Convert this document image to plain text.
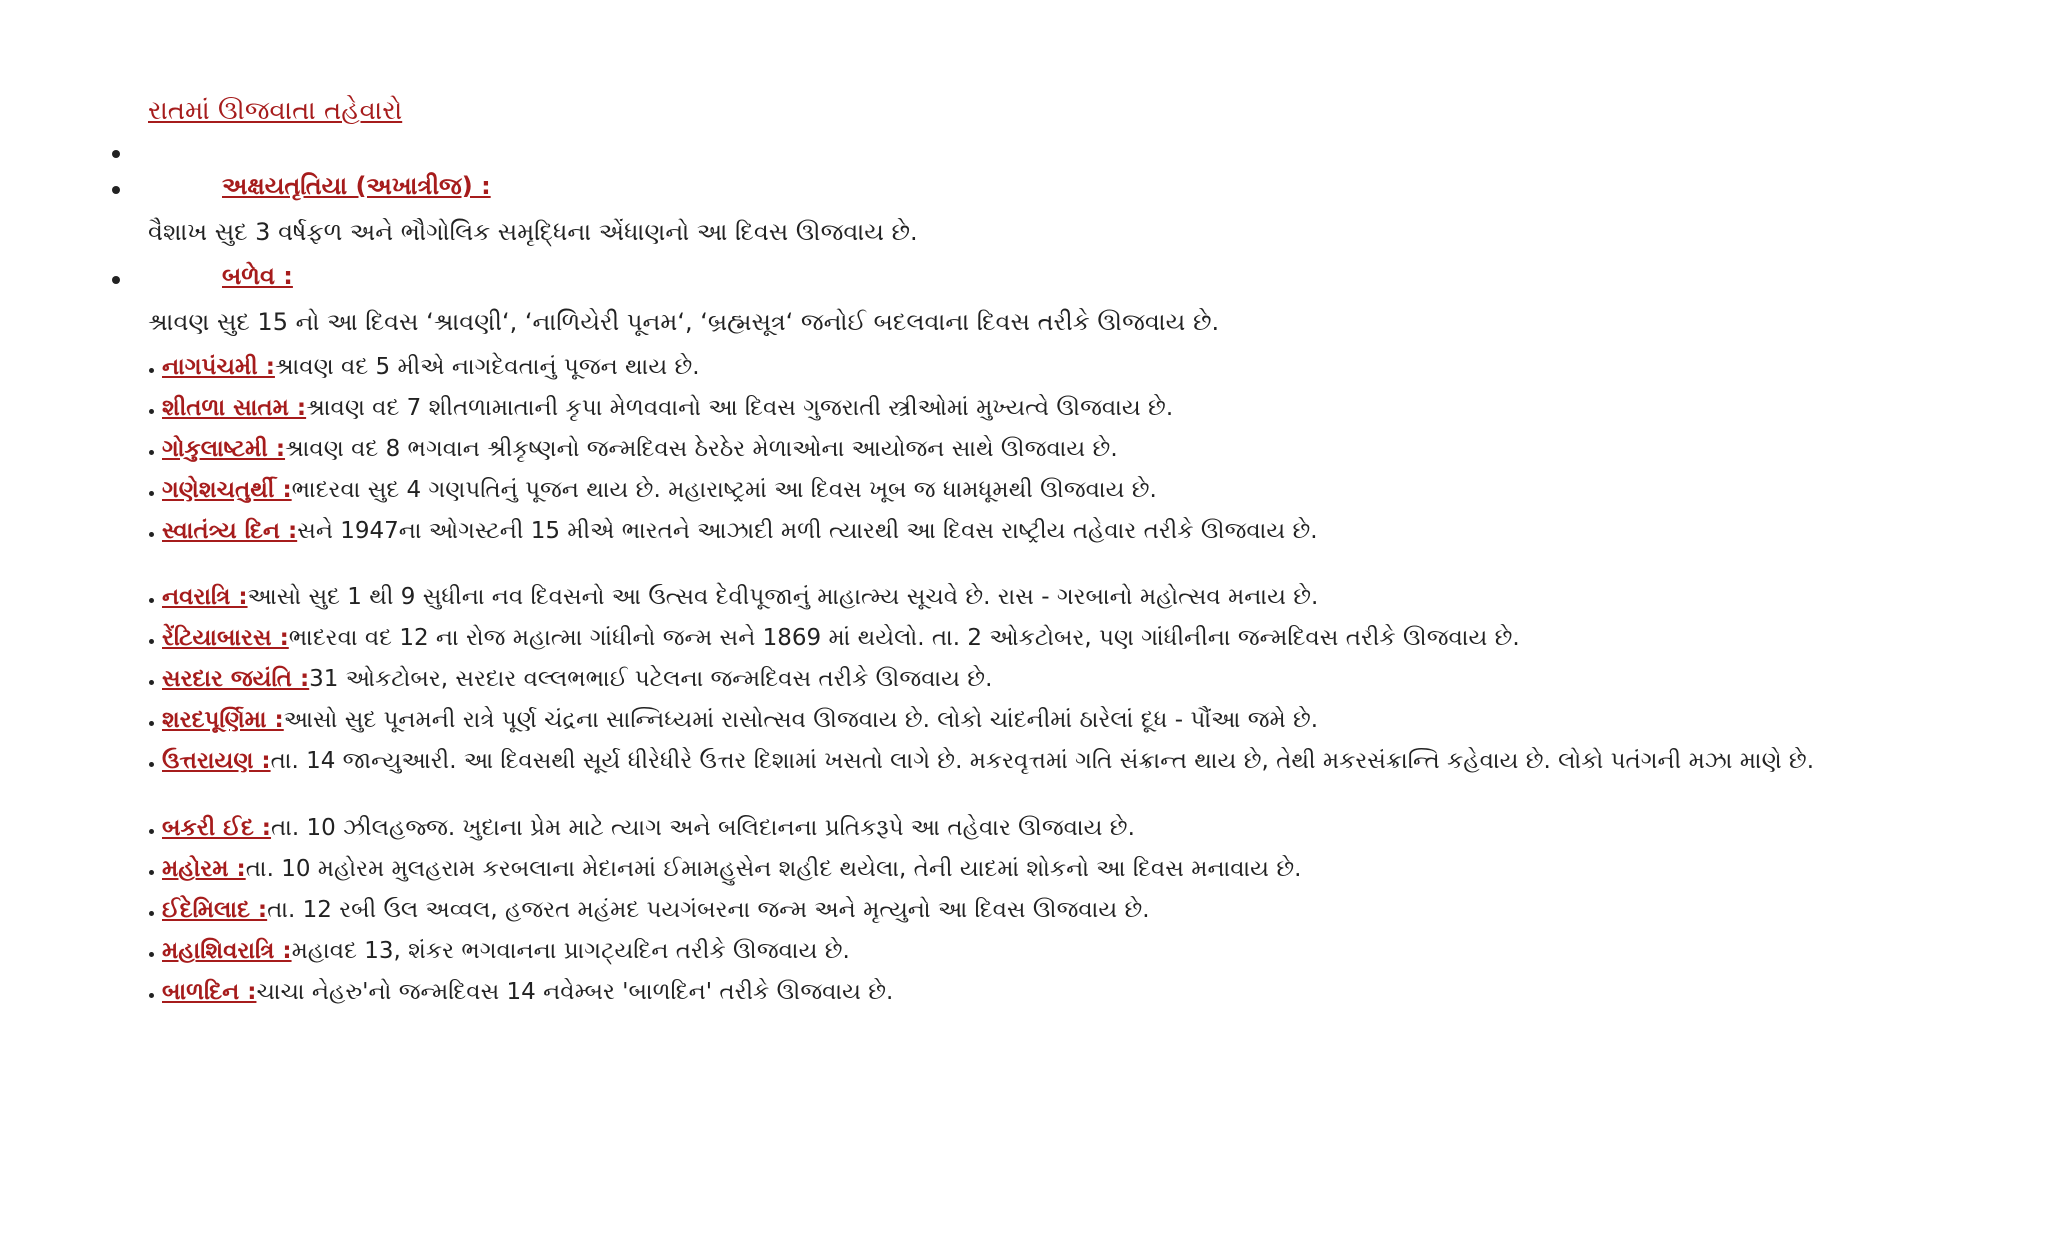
રાતમાં ઊજવાતા તહેવારો
અક્ષયતૃતિયા (અખાત્રીજ) :
વૈશાખ સુદ 3 વર્ષફળ અને ભૌગોલિક સમૃદ્ધિના એંધાણનો આ દિવસ ઊજવાય છે.
બળેવ :
શ્રાવણ સુદ 15 નો આ દિવસ ‘શ્રાવણી‘, ‘નાળિયેરી પૂનમ‘, ‘બ્રહ્મસૂત્ર‘ જનોઈ બદલવાના દિવસ તરીકે ઊજવાય છે.
નાગપંચમી :શ્રાવણ વદ 5 મીએ નાગદેવતાનું પૂજન થાય છે.
શીતળા સાતમ :શ્રાવણ વદ 7 શીતળામાતાની કૃપા મેળવવાનો આ દિવસ ગુજરાતી સ્ત્રીઓમાં મુખ્યત્વે ઊજવાય છે.
ગોકુલાષ્ટમી :શ્રાવણ વદ 8 ભગવાન શ્રીકૃષ્ણનો જન્મદિવસ ઠેરઠેર મેળાઓના આયોજન સાથે ઊજવાય છે.
ગણેશચતુર્થી :ભાદરવા સુદ 4 ગણપતિનું પૂજન થાય છે. મહારાષ્ટ્રમાં આ દિવસ ખૂબ જ ધામધૂમથી ઊજવાય છે.
સ્વાતંત્ર્ય દિન :સને 1947ના ઓગસ્ટની 15 મીએ ભારતને આઝાદી મળી ત્યારથી આ દિવસ રાષ્ટ્રીય તહેવાર તરીકે ઊજવાય છે.
નવરાત્રિ :આસો સુદ 1 થી 9 સુધીના નવ દિવસનો આ ઉત્સવ દેવીપૂજાનું માહાત્મ્ય સૂચવે છે. રાસ - ગરબાનો મહોત્સવ મનાય છે.
રેંટિયાબારસ :ભાદરવા વદ 12 ના રોજ મહાત્મા ગાંધીનો જન્મ સને 1869 માં થયેલો. તા. 2 ઓકટોબર, પણ ગાંધીનીના જન્મદિવસ તરીકે ઊજવાય છે.
સરદાર જયંતિ :31 ઓકટોબર, સરદાર વલ્લભભાઈ પટેલના જન્મદિવસ તરીકે ઊજવાય છે.
શરદપૂર્ણિમા :આસો સુદ પૂનમની રાત્રે પૂર્ણ ચંદ્રના સાન્નિધ્યમાં રાસોત્સવ ઊજવાય છે. લોકો ચાંદનીમાં ઠારેલાં દૂધ - પૌંઆ જમે છે.
ઉત્તરાયણ :તા. 14 જાન્યુઆરી. આ દિવસથી સૂર્ય ધીરેધીરે ઉત્તર દિશામાં ખસતો લાગે છે. મકરવૃત્તમાં ગતિ સંક્રાન્ત થાય છે, તેથી મકરસંક્રાન્તિ કહેવાય છે. લોકો પતંગની મઝા માણે છે.
બકરી ઈદ :તા. 10 ઝીલહજ્જ. ખુદાના પ્રેમ માટે ત્યાગ અને બલિદાનના પ્રતિકરૂપે આ તહેવાર ઊજવાય છે.
મહોરમ :તા. 10 મહોરમ મુલહરામ કરબલાના મેદાનમાં ઈમામહુસેન શહીદ થયેલા, તેની યાદમાં શોકનો આ દિવસ મનાવાય છે.
ઈદેમિલાદ :તા. 12 રબી ઉલ અવ્વલ, હજરત મહંમદ પયગંબરના જન્મ અને મૃત્યુનો આ દિવસ ઊજવાય છે.
મહાશિવરાત્રિ :મહાવદ 13, શંકર ભગવાનના પ્રાગટ્યદિન તરીકે ઊજવાય છે.
બાળદિન :ચાચા નેહરુ'નો જન્મદિવસ 14 નવેમ્બર 'બાળદિન' તરીકે ઊજવાય છે.
